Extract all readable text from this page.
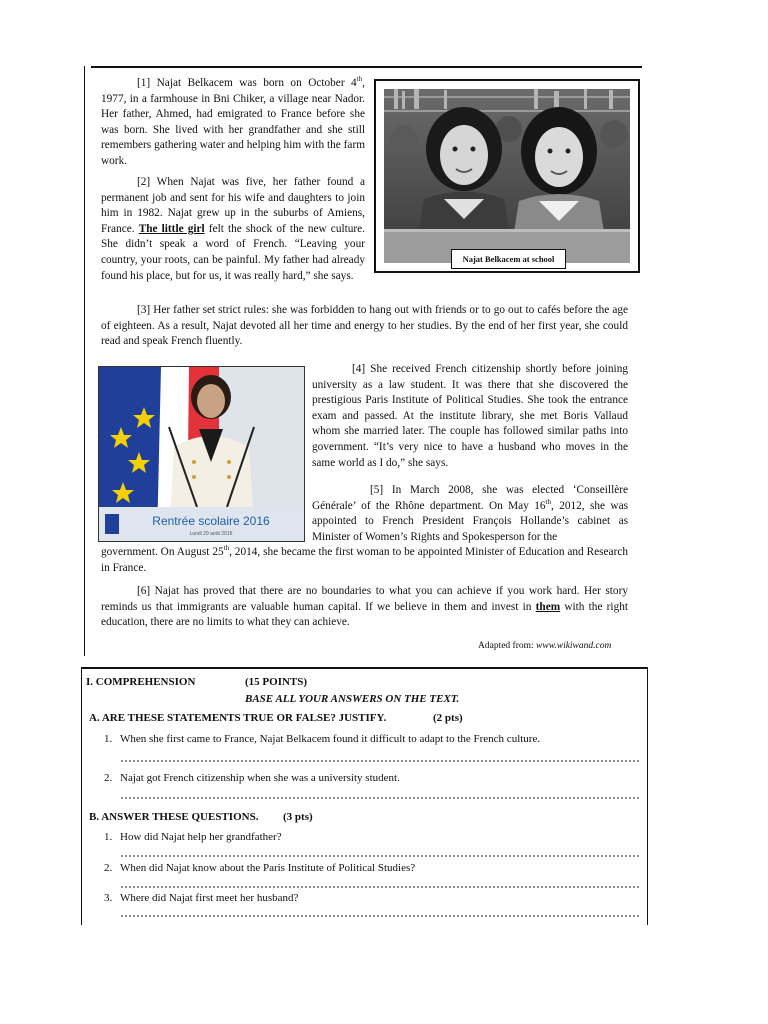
[1] Najat Belkacem was born on October 4th, 1977, in a farmhouse in Bni Chiker, a village near Nador. Her father, Ahmed, had emigrated to France before she was born. She lived with her grandfather and she still remembers gathering water and helping him with the farm work.

[2] When Najat was five, her father found a permanent job and sent for his wife and daughters to join him in 1982. Najat grew up in the suburbs of Amiens, France. The little girl felt the shock of the new culture. She didn’t speak a word of French. “Leaving your country, your roots, can be painful. My father had already found his place, but for us, it was really hard,” she says.

Najat Belkacem at school

[3] Her father set strict rules: she was forbidden to hang out with friends or to go out to cafés before the age of eighteen. As a result, Najat devoted all her time and energy to her studies. By the end of her first year, she could read and speak French fluently.

Rentrée scolaire 2016
Lundi 29 août 2016

[4] She received French citizenship shortly before joining university as a law student. It was there that she discovered the prestigious Paris Institute of Political Studies. She took the entrance exam and passed. At the institute library, she met Boris Vallaud whom she married later. The couple has followed similar paths into government. “It’s very nice to have a husband who moves in the same world as I do,” she says.

[5] In March 2008, she was elected ‘Conseillère Générale’ of the Rhône department. On May 16th, 2012, she was appointed to French President François Hollande’s cabinet as Minister of Women’s Rights and Spokesperson for the

government. On August 25th, 2014, she became the first woman to be appointed Minister of Education and Research in France.

[6] Najat has proved that there are no boundaries to what you can achieve if you work hard. Her story reminds us that immigrants are valuable human capital. If we believe in them and invest in them with the right education, there are no limits to what they can achieve.

Adapted from: www.wikiwand.com
I. COMPREHENSION	(15 POINTS)
BASE ALL YOUR ANSWERS ON THE TEXT.
A. ARE THESE STATEMENTS TRUE OR FALSE? JUSTIFY.	(2 pts)
1. When she first came to France, Najat Belkacem found it difficult to adapt to the French culture.
2. Najat got French citizenship when she was a university student.
B. ANSWER THESE QUESTIONS. (3 pts)
1. How did Najat help her grandfather?
2. When did Najat know about the Paris Institute of Political Studies?
3. Where did Najat first meet her husband?
